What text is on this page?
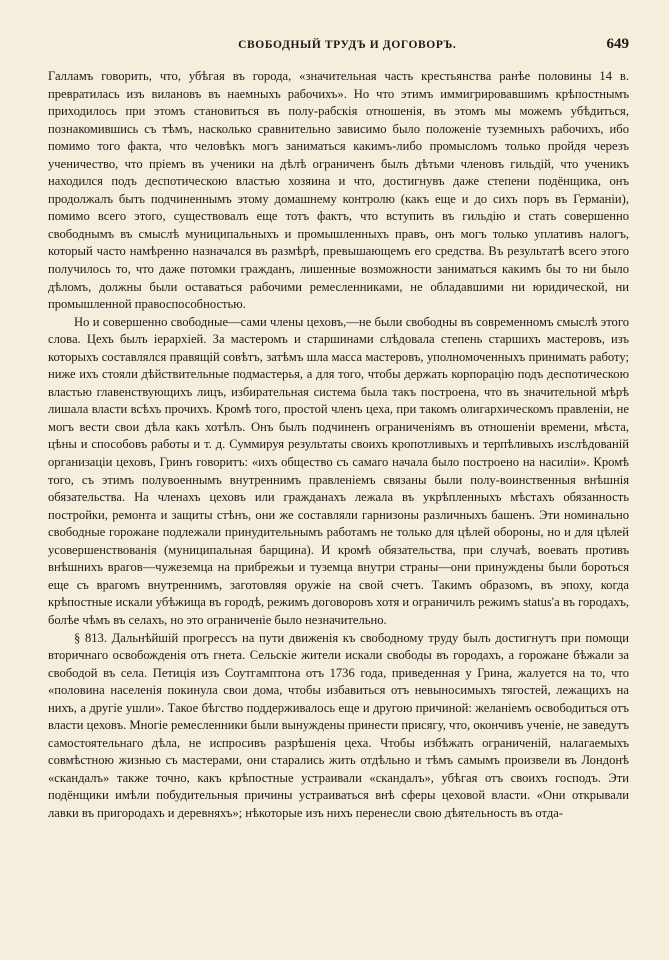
СВОБОДНЫЙ ТРУДЪ И ДОГОВОРЪ.	649

Галламъ говорить, что, убѣгая въ города, «значительная часть крестьянства ранѣе половины 14 в. превратилась изъ вилановъ въ наемныхъ рабочихъ». Но что этимъ иммигрировавшимъ крѣпостнымъ приходилось при этомъ становиться въ полу-рабскія отношенія, въ этомъ мы можемъ убѣдиться, познакомившись съ тѣмъ, насколько сравнительно зависимо было положеніе туземныхъ рабочихъ, ибо помимо того факта, что человѣкъ могъ заниматься какимъ-либо промысломъ только пройдя черезъ ученичество, что пріемъ въ ученики на дѣлѣ ограниченъ былъ дѣтьми членовъ гильдій, что ученикъ находился подъ деспотическою властью хозяина и что, достигнувъ даже степени подёнщика, онъ продолжалъ быть подчиненнымъ этому домашнему контролю (какъ еще и до сихъ поръ въ Германіи), помимо всего этого, существовалъ еще тотъ фактъ, что вступить въ гильдію и стать совершенно свободнымъ въ смыслѣ муниципальныхъ и промышленныхъ правъ, онъ могъ только уплативъ налогъ, который часто намѣренно назначался въ размѣрѣ, превышающемъ его средства. Въ результатѣ всего этого получилось то, что даже потомки гражданъ, лишенные возможности заниматься какимъ бы то ни было дѣломъ, должны были оставаться рабочими ремесленниками, не обладавшими ни юридической, ни промышленной правоспособностью.

Но и совершенно свободные—сами члены цеховъ,—не были свободны въ современномъ смыслѣ этого слова. Цехъ былъ іерархіей. За мастеромъ и старшинами слѣдовала степень старшихъ мастеровъ, изъ которыхъ составлялся правящій совѣтъ, затѣмъ шла масса мастеровъ, уполномоченныхъ принимать работу; ниже ихъ стояли дѣйствительные подмастерья, а для того, чтобы держать корпорацію подъ деспотическою властью главенствующихъ лицъ, избирательная система была такъ построена, что въ значительной мѣрѣ лишала власти всѣхъ прочихъ. Кромѣ того, простой членъ цеха, при такомъ олигархическомъ правленіи, не могъ вести свои дѣла какъ хотѣлъ. Онъ былъ подчиненъ ограниченіямъ въ отношеніи времени, мѣста, цѣны и способовъ работы и т. д. Суммируя результаты своихъ кропотливыхъ и терпѣливыхъ изслѣдованій организаціи цеховъ, Гринъ говоритъ: «ихъ общество съ самаго начала было построено на насиліи». Кромѣ того, съ этимъ полувоеннымъ внутреннимъ правленіемъ связаны были полу-воинственныя внѣшнія обязательства. На членахъ цеховъ или гражданахъ лежала въ укрѣпленныхъ мѣстахъ обязанность постройки, ремонта и защиты стѣнъ, они же составляли гарнизоны различныхъ башенъ. Эти номинально свободные горожане подлежали принудительнымъ работамъ не только для цѣлей обороны, но и для цѣлей усовершенствованія (муниципальная барщина). И кромѣ обязательства, при случаѣ, воевать противъ внѣшнихъ врагов—чужеземца на прибрежьи и туземца внутри страны—они принуждены были бороться еще съ врагомъ внутреннимъ, заготовляя оружіе на свой счетъ. Такимъ образомъ, въ эпоху, когда крѣпостные искали убѣжища въ городѣ, режимъ договоровъ хотя и ограничилъ режимъ status'а въ городахъ, болѣе чѣмъ въ селахъ, но это ограниченіе было незначительно.

§ 813. Дальнѣйшій прогрессъ на пути движенія къ свободному труду былъ достигнутъ при помощи вторичнаго освобожденія отъ гнета. Сельскіе жители искали свободы въ городахъ, а горожане бѣжали за свободой въ села. Петиція изъ Соутгамптона отъ 1736 года, приведенная у Грина, жалуется на то, что «половина населенія покинула свои дома, чтобы избавиться отъ невыносимыхъ тягостей, лежащихъ на нихъ, а другіе ушли». Такое бѣгство поддерживалось еще и другою причиной: желаніемъ освободиться отъ власти цеховъ. Многіе ремесленники были вынуждены принести присягу, что, окончивъ ученіе, не заведутъ самостоятельнаго дѣла, не испросивъ разрѣшенія цеха. Чтобы избѣжать ограниченій, налагаемыхъ совмѣстною жизнью съ мастерами, они старались жить отдѣльно и тѣмъ самымъ произвели въ Лондонѣ «скандалъ» также точно, какъ крѣпостные устраивали «скандалъ», убѣгая отъ своихъ господъ. Эти подёнщики имѣли побудительныя причины устраиваться внѣ сферы цеховой власти. «Они открывали лавки въ пригородахъ и деревняхъ»; нѣкоторые изъ нихъ перенесли свою дѣятельность въ отда-
